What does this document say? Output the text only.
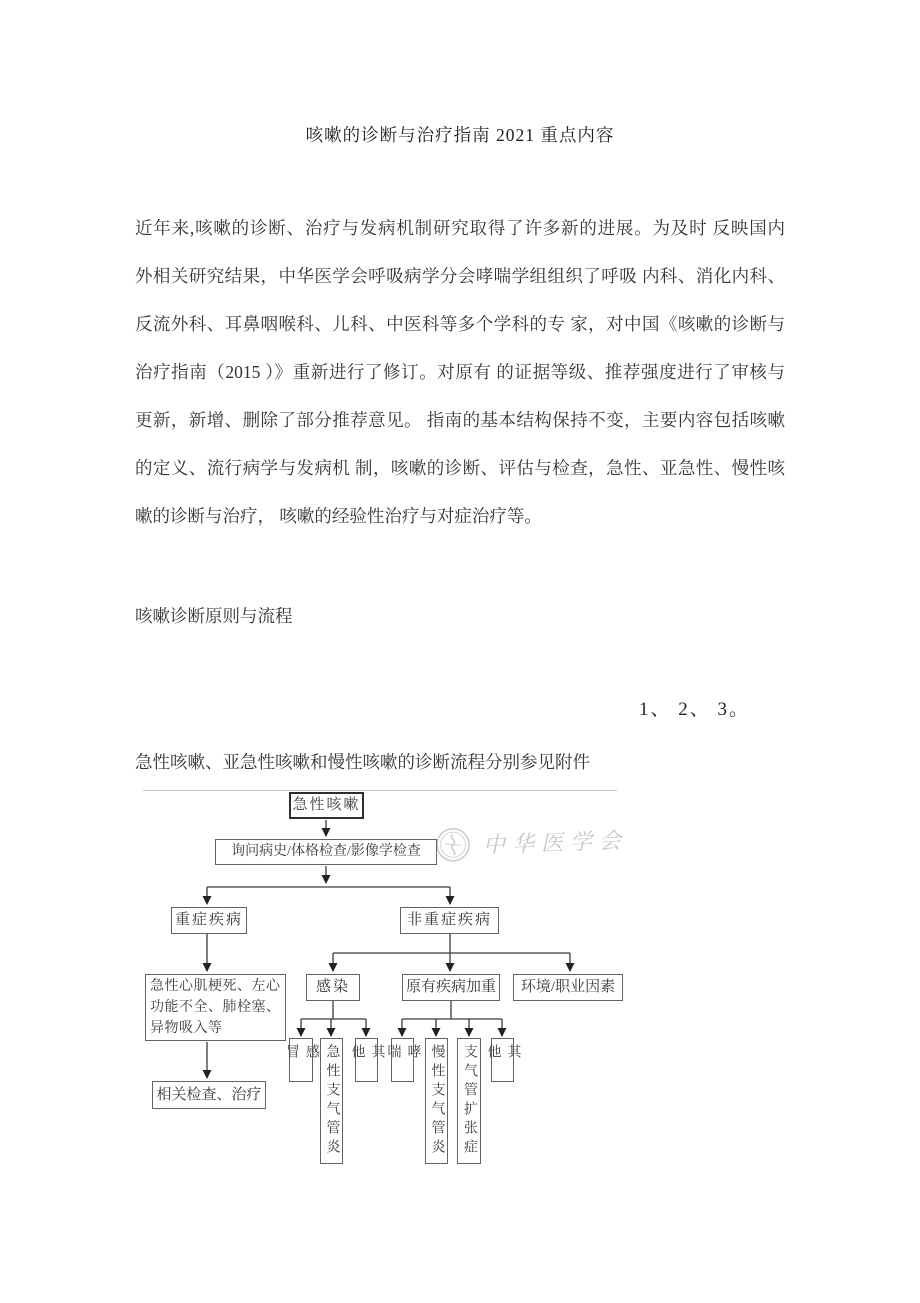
咳嗽的诊断与治疗指南 2021 重点内容
近年来,咳嗽的诊断、治疗与发病机制研究取得了许多新的进展。为及时 反映国内
外相关研究结果，中华医学会呼吸病学分会哮喘学组组织了呼吸 内科、消化内科、
反流外科、耳鼻咽喉科、儿科、中医科等多个学科的专 家，对中国《咳嗽的诊断与
治疗指南（2015 ）》重新进行了修订。对原有 的证据等级、推荐强度进行了审核与
更新，新增、删除了部分推荐意见。 指南的基本结构保持不变，主要内容包括咳嗽
的定义、流行病学与发病机 制，咳嗽的诊断、评估与检查，急性、亚急性、慢性咳
嗽的诊断与治疗， 咳嗽的经验性治疗与对症治疗等。
咳嗽诊断原则与流程
1、 2、 3。
急性咳嗽、亚急性咳嗽和慢性咳嗽的诊断流程分别参见附件
中华医学会
急性咳嗽
询问病史/体格检查/影像学检查
重症疾病	非重症疾病
急性心肌梗死、左心
功能不全、肺栓塞、
异物吸入等
相关检查、治疗
感染	原有疾病加重	环境/职业因素
感冒	急性支气管炎	其他	哮喘	慢性支气管炎 支气管扩张症	其他
